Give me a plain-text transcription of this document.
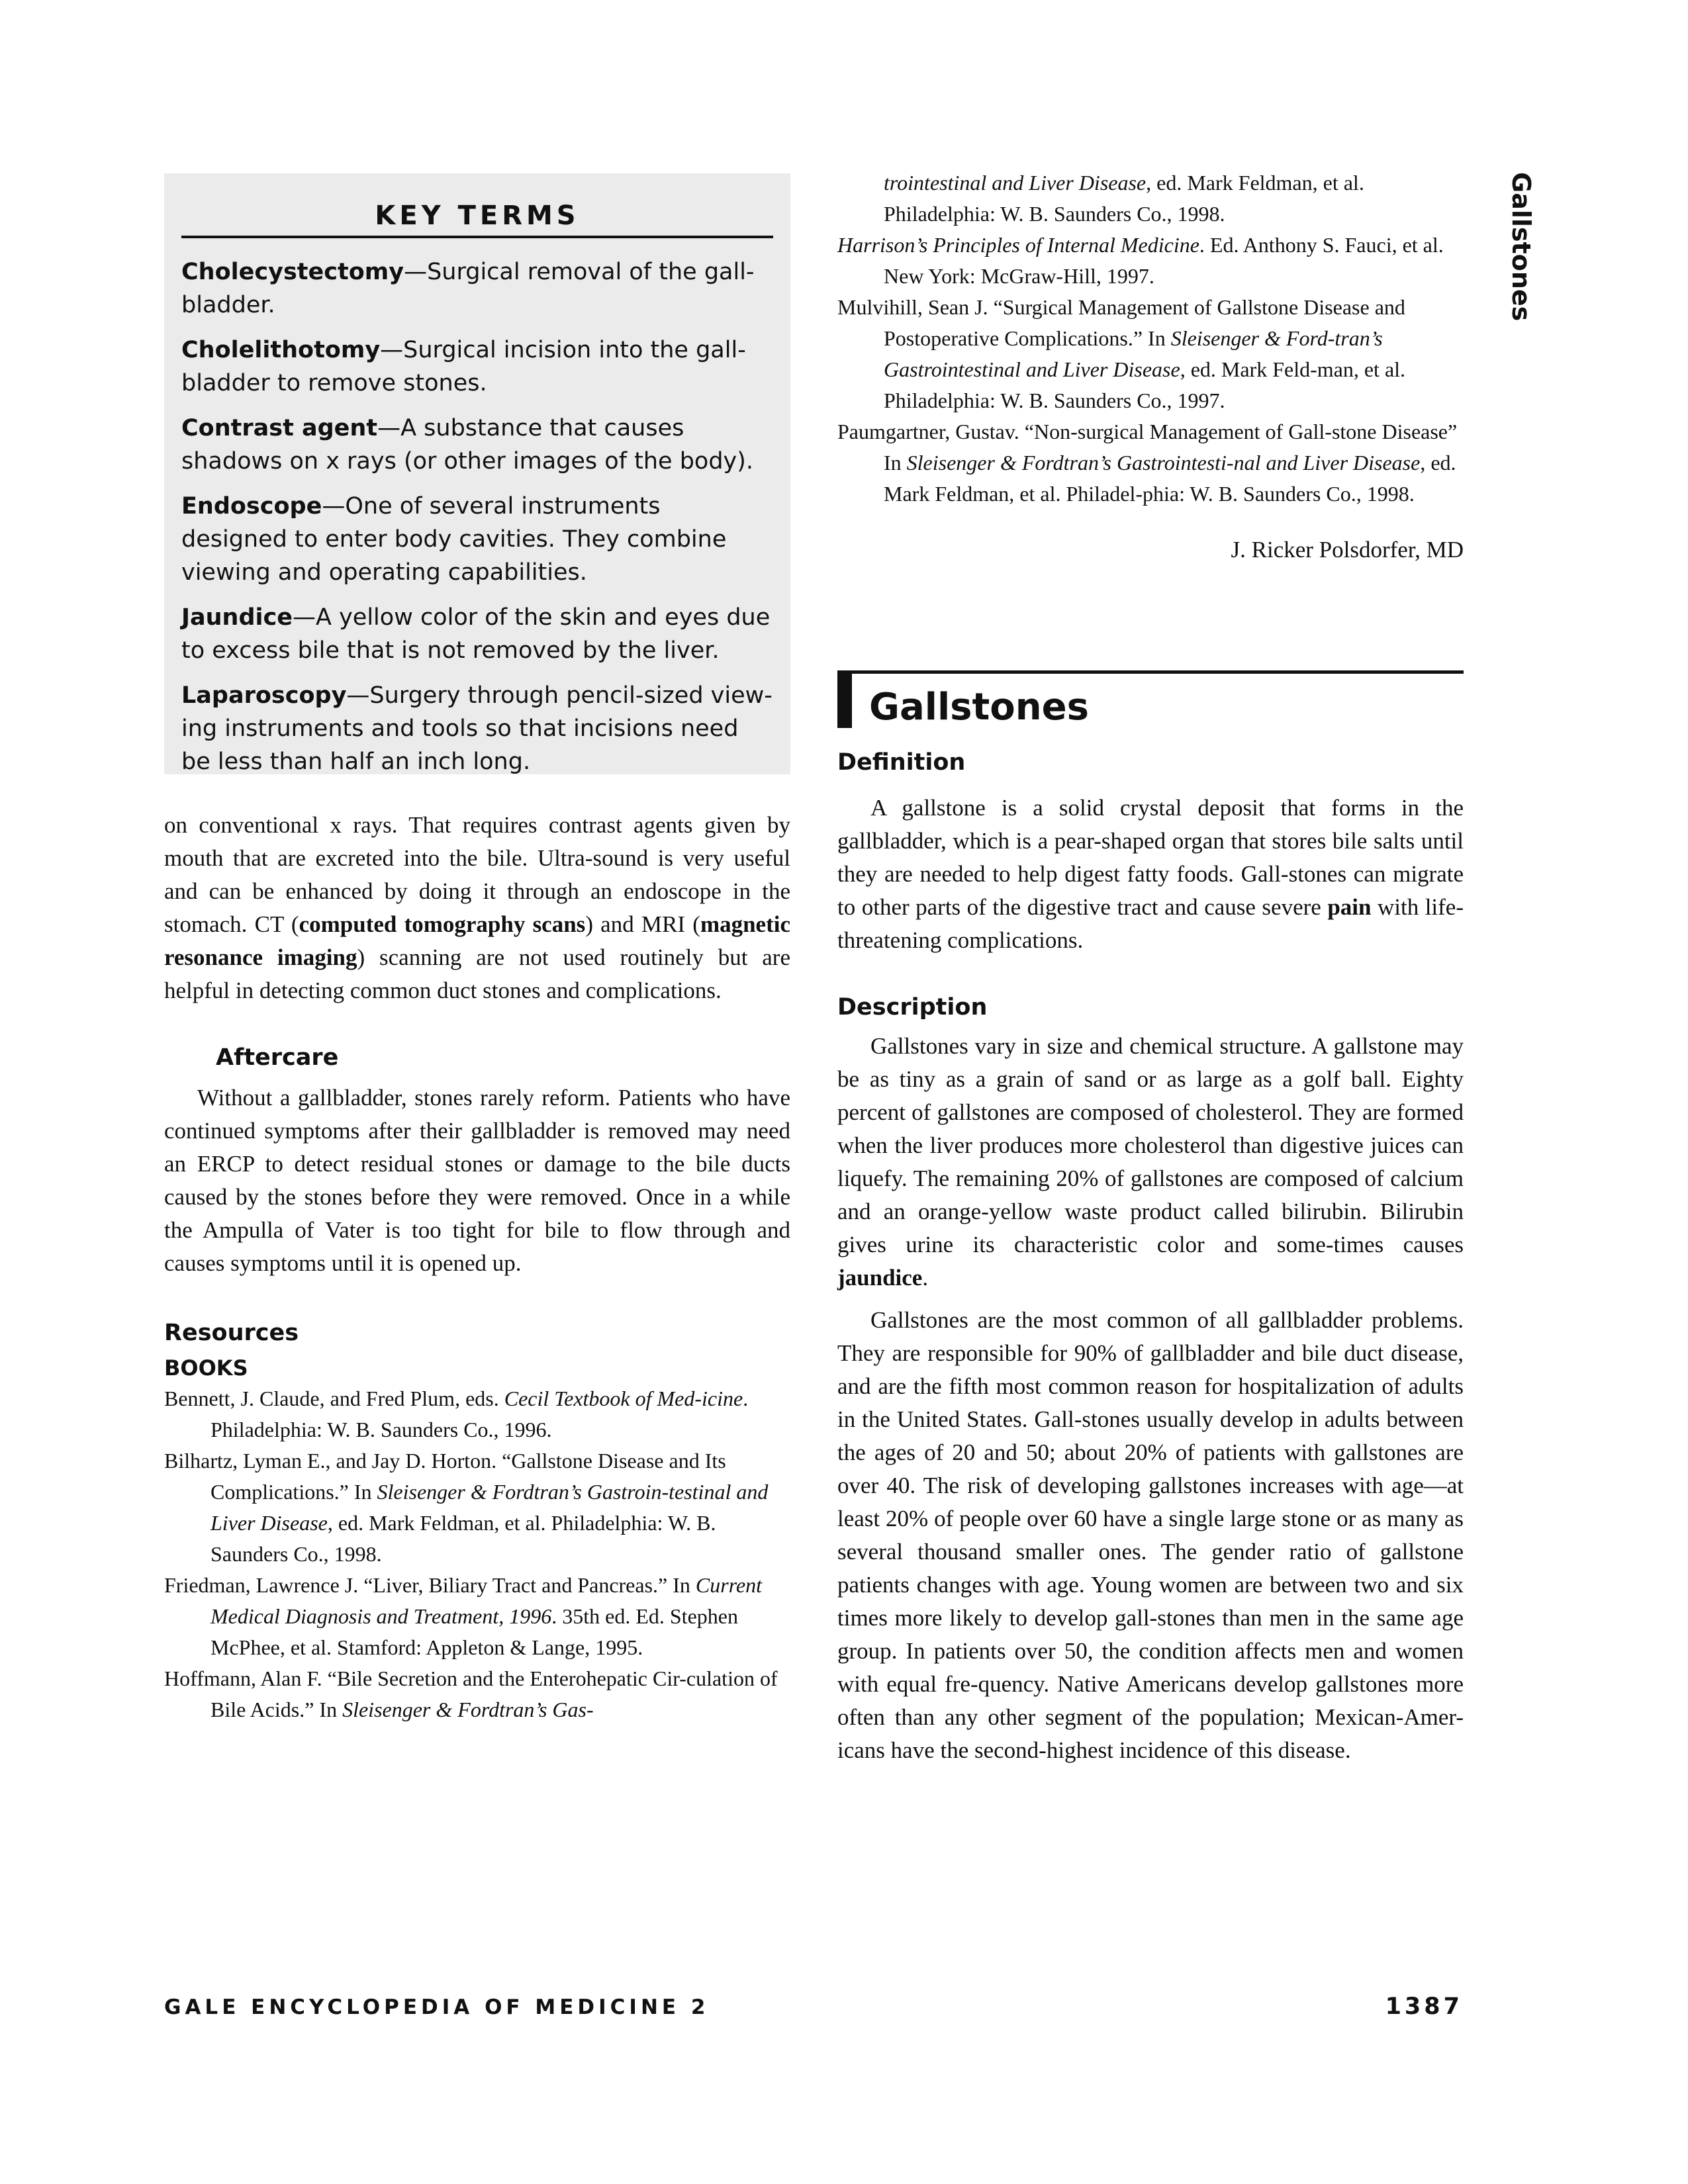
Gallstones
KEY TERMS
Cholecystectomy—Surgical removal of the gall-bladder.
Cholelithotomy—Surgical incision into the gall-bladder to remove stones.
Contrast agent—A substance that causes shadows on x rays (or other images of the body).
Endoscope—One of several instruments designed to enter body cavities. They combine viewing and operating capabilities.
Jaundice—A yellow color of the skin and eyes due to excess bile that is not removed by the liver.
Laparoscopy—Surgery through pencil-sized view-ing instruments and tools so that incisions need be less than half an inch long.

on conventional x rays. That requires contrast agents given by mouth that are excreted into the bile. Ultra-sound is very useful and can be enhanced by doing it through an endoscope in the stomach. CT (computed tomography scans) and MRI (magnetic resonance imaging) scanning are not used routinely but are helpful in detecting common duct stones and complications.

Aftercare

Without a gallbladder, stones rarely reform. Patients who have continued symptoms after their gallbladder is removed may need an ERCP to detect residual stones or damage to the bile ducts caused by the stones before they were removed. Once in a while the Ampulla of Vater is too tight for bile to flow through and causes symptoms until it is opened up.

Resources
BOOKS

Bennett, J. Claude, and Fred Plum, eds. Cecil Textbook of Med-icine. Philadelphia: W. B. Saunders Co., 1996.

Bilhartz, Lyman E., and Jay D. Horton. “Gallstone Disease and Its Complications.” In Sleisenger & Fordtran’s Gastroin-testinal and Liver Disease, ed. Mark Feldman, et al. Philadelphia: W. B. Saunders Co., 1998.

Friedman, Lawrence J. “Liver, Biliary Tract and Pancreas.” In Current Medical Diagnosis and Treatment, 1996. 35th ed. Ed. Stephen McPhee, et al. Stamford: Appleton & Lange, 1995.

Hoffmann, Alan F. “Bile Secretion and the Enterohepatic Cir-culation of Bile Acids.” In Sleisenger & Fordtran’s Gas-

trointestinal and Liver Disease, ed. Mark Feldman, et al. Philadelphia: W. B. Saunders Co., 1998.

Harrison’s Principles of Internal Medicine. Ed. Anthony S. Fauci, et al. New York: McGraw-Hill, 1997.

Mulvihill, Sean J. “Surgical Management of Gallstone Disease and Postoperative Complications.” In Sleisenger & Ford-tran’s Gastrointestinal and Liver Disease, ed. Mark Feld-man, et al. Philadelphia: W. B. Saunders Co., 1997.

Paumgartner, Gustav. “Non-surgical Management of Gall-stone Disease” In Sleisenger & Fordtran’s Gastrointesti-nal and Liver Disease, ed. Mark Feldman, et al. Philadel-phia: W. B. Saunders Co., 1998.

J. Ricker Polsdorfer, MD

Gallstones
Definition

A gallstone is a solid crystal deposit that forms in the gallbladder, which is a pear-shaped organ that stores bile salts until they are needed to help digest fatty foods. Gall-stones can migrate to other parts of the digestive tract and cause severe pain with life-threatening complications.

Description

Gallstones vary in size and chemical structure. A gallstone may be as tiny as a grain of sand or as large as a golf ball. Eighty percent of gallstones are composed of cholesterol. They are formed when the liver produces more cholesterol than digestive juices can liquefy. The remaining 20% of gallstones are composed of calcium and an orange-yellow waste product called bilirubin. Bilirubin gives urine its characteristic color and some-times causes jaundice.

Gallstones are the most common of all gallbladder problems. They are responsible for 90% of gallbladder and bile duct disease, and are the fifth most common reason for hospitalization of adults in the United States. Gall-stones usually develop in adults between the ages of 20 and 50; about 20% of patients with gallstones are over 40. The risk of developing gallstones increases with age—at least 20% of people over 60 have a single large stone or as many as several thousand smaller ones. The gender ratio of gallstone patients changes with age. Young women are between two and six times more likely to develop gall-stones than men in the same age group. In patients over 50, the condition affects men and women with equal fre-quency. Native Americans develop gallstones more often than any other segment of the population; Mexican-Amer-icans have the second-highest incidence of this disease.

GALE ENCYCLOPEDIA OF MEDICINE 2	1387
